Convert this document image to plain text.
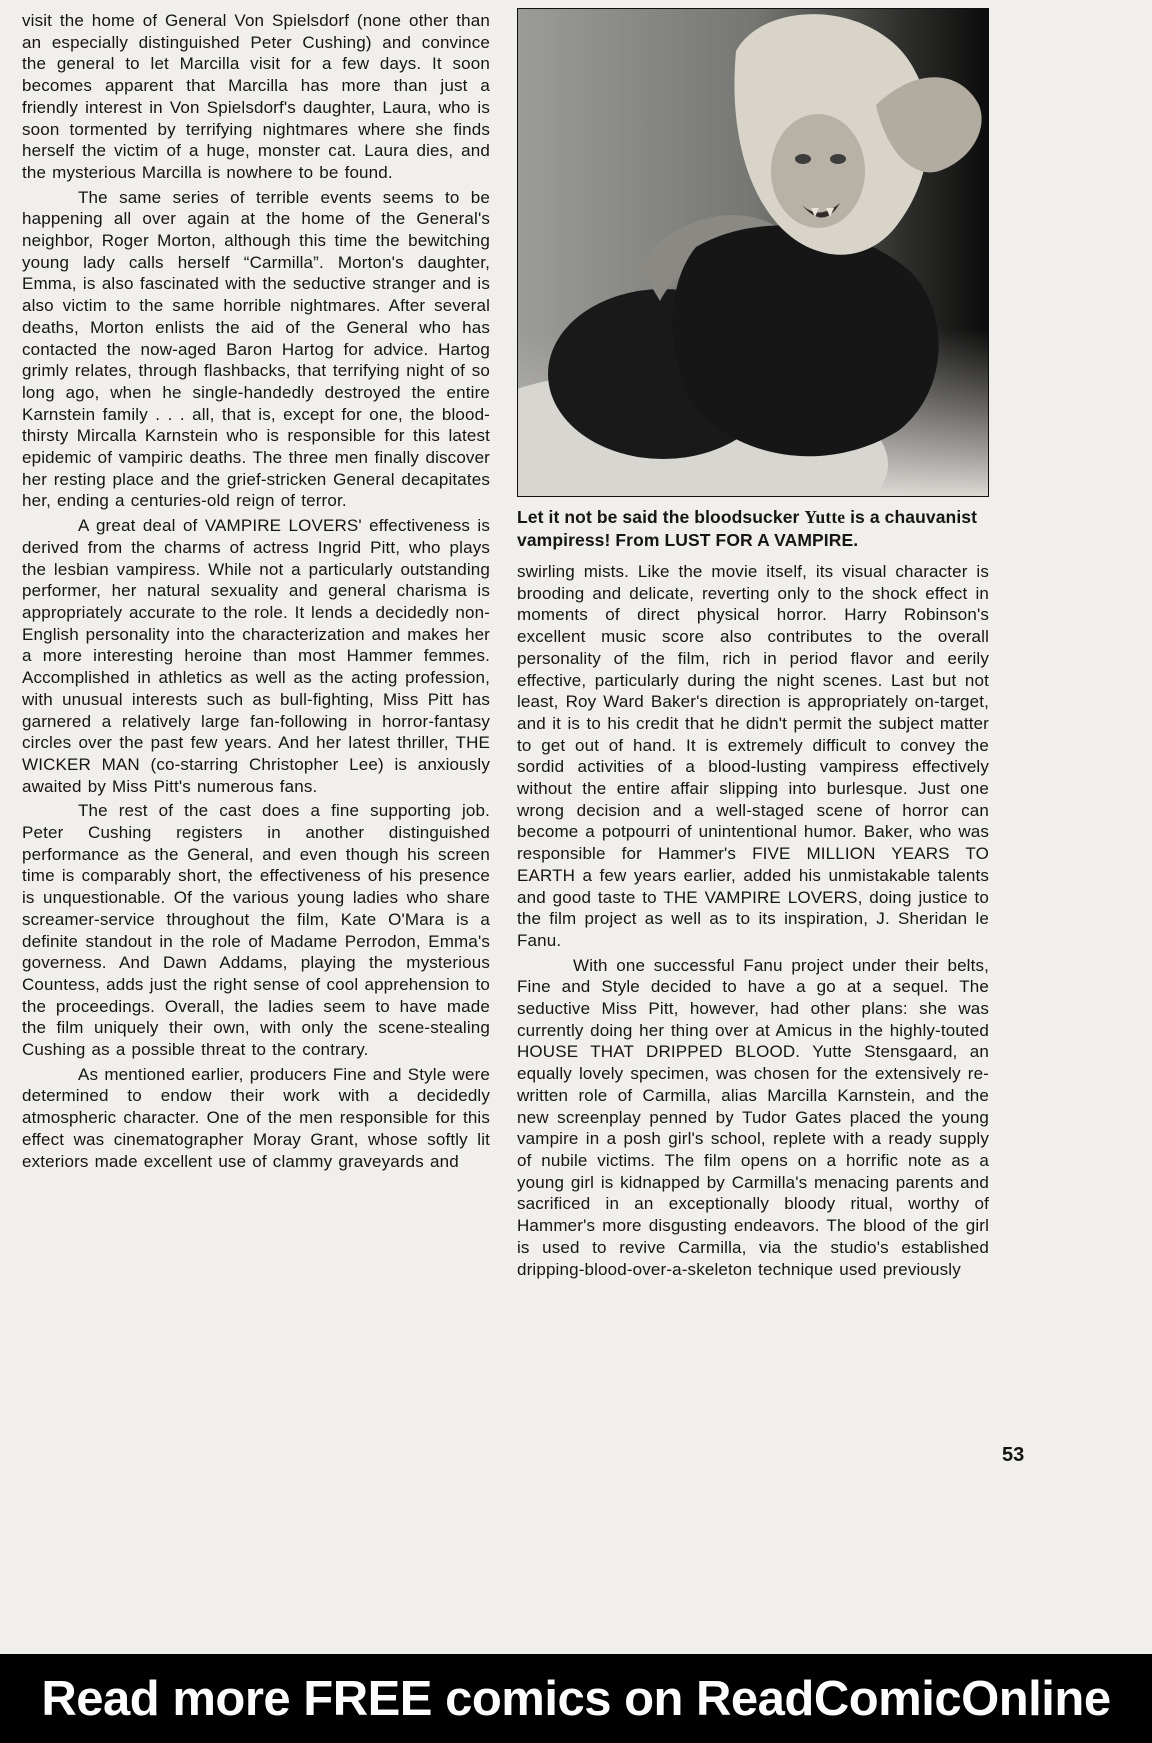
visit the home of General Von Spielsdorf (none other than an especially distinguished Peter Cushing) and convince the general to let Marcilla visit for a few days. It soon becomes apparent that Marcilla has more than just a friendly interest in Von Spielsdorf's daughter, Laura, who is soon tormented by terrifying nightmares where she finds herself the victim of a huge, monster cat. Laura dies, and the mysterious Marcilla is nowhere to be found.

The same series of terrible events seems to be happening all over again at the home of the General's neighbor, Roger Morton, although this time the bewitching young lady calls herself “Carmilla”. Morton's daughter, Emma, is also fascinated with the seductive stranger and is also victim to the same horrible nightmares. After several deaths, Morton enlists the aid of the General who has contacted the now-aged Baron Hartog for advice. Hartog grimly relates, through flashbacks, that terrifying night of so long ago, when he single-handedly destroyed the entire Karnstein family . . . all, that is, except for one, the blood-thirsty Mircalla Karnstein who is responsible for this latest epidemic of vampiric deaths. The three men finally discover her resting place and the grief-stricken General decapitates her, ending a centuries-old reign of terror.

A great deal of VAMPIRE LOVERS' effectiveness is derived from the charms of actress Ingrid Pitt, who plays the lesbian vampiress. While not a particularly outstanding performer, her natural sexuality and general charisma is appropriately accurate to the role. It lends a decidedly non-English personality into the characterization and makes her a more interesting heroine than most Hammer femmes. Accomplished in athletics as well as the acting profession, with unusual interests such as bull-fighting, Miss Pitt has garnered a relatively large fan-following in horror-fantasy circles over the past few years. And her latest thriller, THE WICKER MAN (co-starring Christopher Lee) is anxiously awaited by Miss Pitt's numerous fans.

The rest of the cast does a fine supporting job. Peter Cushing registers in another distinguished performance as the General, and even though his screen time is comparably short, the effectiveness of his presence is unquestionable. Of the various young ladies who share screamer-service throughout the film, Kate O'Mara is a definite standout in the role of Madame Perrodon, Emma's governess. And Dawn Addams, playing the mysterious Countess, adds just the right sense of cool apprehension to the proceedings. Overall, the ladies seem to have made the film uniquely their own, with only the scene-stealing Cushing as a possible threat to the contrary.

As mentioned earlier, producers Fine and Style were determined to endow their work with a decidedly atmospheric character. One of the men responsible for this effect was cinematographer Moray Grant, whose softly lit exteriors made excellent use of clammy graveyards and

Let it not be said the bloodsucker Yutte is a chauvanist vampiress! From LUST FOR A VAMPIRE.

swirling mists. Like the movie itself, its visual character is brooding and delicate, reverting only to the shock effect in moments of direct physical horror. Harry Robinson's excellent music score also contributes to the overall personality of the film, rich in period flavor and eerily effective, particularly during the night scenes. Last but not least, Roy Ward Baker's direction is appropriately on-target, and it is to his credit that he didn't permit the subject matter to get out of hand. It is extremely difficult to convey the sordid activities of a blood-lusting vampiress effectively without the entire affair slipping into burlesque. Just one wrong decision and a well-staged scene of horror can become a potpourri of unintentional humor. Baker, who was responsible for Hammer's FIVE MILLION YEARS TO EARTH a few years earlier, added his unmistakable talents and good taste to THE VAMPIRE LOVERS, doing justice to the film project as well as to its inspiration, J. Sheridan le Fanu.

With one successful Fanu project under their belts, Fine and Style decided to have a go at a sequel. The seductive Miss Pitt, however, had other plans: she was currently doing her thing over at Amicus in the highly-touted HOUSE THAT DRIPPED BLOOD. Yutte Stensgaard, an equally lovely specimen, was chosen for the extensively re-written role of Carmilla, alias Marcilla Karnstein, and the new screenplay penned by Tudor Gates placed the young vampire in a posh girl's school, replete with a ready supply of nubile victims. The film opens on a horrific note as a young girl is kidnapped by Carmilla's menacing parents and sacrificed in an exceptionally bloody ritual, worthy of Hammer's more disgusting endeavors. The blood of the girl is used to revive Carmilla, via the studio's established dripping-blood-over-a-skeleton technique used previously

53
Read more FREE comics on ReadComicOnline
